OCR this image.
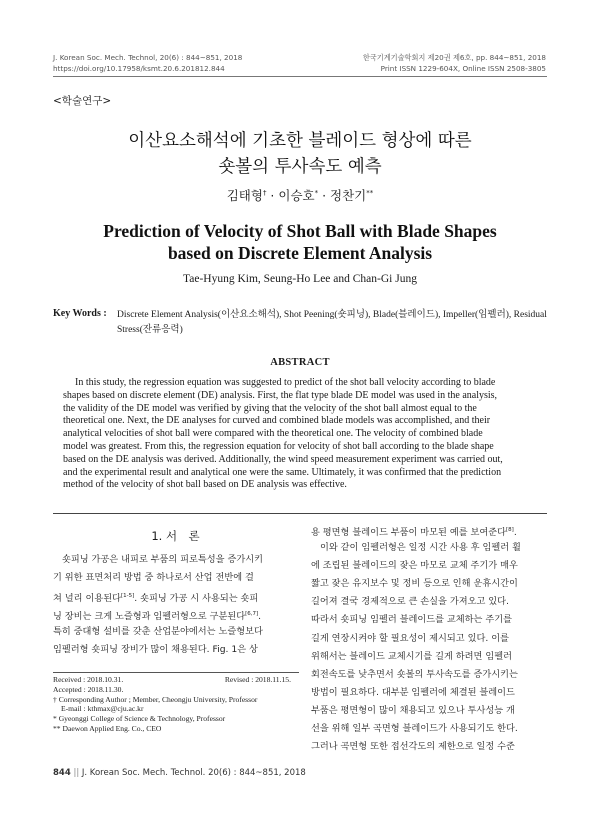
J. Korean Soc. Mech. Technol, 20(6) : 844~851, 2018
https://doi.org/10.17958/ksmt.20.6.201812.844
한국기계기술학회지 제20권 제6호, pp. 844~851, 2018
Print ISSN 1229-604X, Online ISSN 2508-3805
<학술연구>
이산요소해석에 기초한 블레이드 형상에 따른
숏볼의 투사속도 예측
김태형† · 이승호* · 정찬기**
Prediction of Velocity of Shot Ball with Blade Shapes
based on Discrete Element Analysis
Tae-Hyung Kim, Seung-Ho Lee and Chan-Gi Jung
Key Words : Discrete Element Analysis(이산요소해석), Shot Peening(숏피닝), Blade(블레이드), Impeller(임펠러), Residual Stress(잔류응력)
ABSTRACT
In this study, the regression equation was suggested to predict of the shot ball velocity according to blade
shapes based on discrete element (DE) analysis. First, the flat type blade DE model was used in the analysis,
the validity of the DE model was verified by giving that the velocity of the shot ball almost equal to the
theoretical one. Next, the DE analyses for curved and combined blade models was accomplished, and their
analytical velocities of shot ball were compared with the theoretical one. The velocity of combined blade
model was greatest. From this, the regression equation for velocity of shot ball according to the blade shape
based on the DE analysis was derived. Additionally, the wind speed measurement experiment was carried out,
and the experimental result and analytical one were the same. Ultimately, it was confirmed that the prediction
method of the velocity of shot ball based on DE analysis was effective.
1. 서　론
숏피닝 가공은 내피로 부품의 피로특성을 증가시키
기 위한 표면처리 방법 중 하나로서 산업 전반에 걸
쳐 널리 이용된다[1-5]. 숏피닝 가공 시 사용되는 숏피
닝 장비는 크게 노즐형과 임펠러형으로 구분된다[6,7].
특히 중대형 설비를 갖춘 산업분야에서는 노즐형보다
임펠러형 숏피닝 장비가 많이 채용된다. Fig. 1은 상
Received : 2018.10.31.	Revised : 2018.11.15.
Accepted : 2018.11.30.
† Corresponding Author ; Member, Cheongju University, Professor
E-mail : kthmax@cju.ac.kr
* Gyeonggi College of Science & Technology, Professor
** Daewon Applied Eng. Co., CEO
용 평면형 블레이드 부품이 마모된 예를 보여준다[8].
이와 같이 임펠러형은 일정 시간 사용 후 임펠러 휠
에 조립된 블레이드의 잦은 마모로 교체 주기가 매우
짧고 잦은 유지보수 및 정비 등으로 인해 운휴시간이
길어져 결국 경제적으로 큰 손실을 가져오고 있다.
따라서 숏피닝 임펠러 블레이드를 교체하는 주기를
길게 연장시켜야 할 필요성이 제시되고 있다. 이를
위해서는 블레이드 교체시기를 길게 하려면 임펠러
회전속도를 낮추면서 숏볼의 투사속도를 증가시키는
방법이 필요하다. 대부분 임펠러에 체결된 블레이드
부품은 평면형이 많이 채용되고 있으나 투사성능 개
선을 위해 일부 곡면형 블레이드가 사용되기도 한다.
그러나 곡면형 또한 접선각도의 제한으로 일정 수준
844 || J. Korean Soc. Mech. Technol. 20(6) : 844~851, 2018
